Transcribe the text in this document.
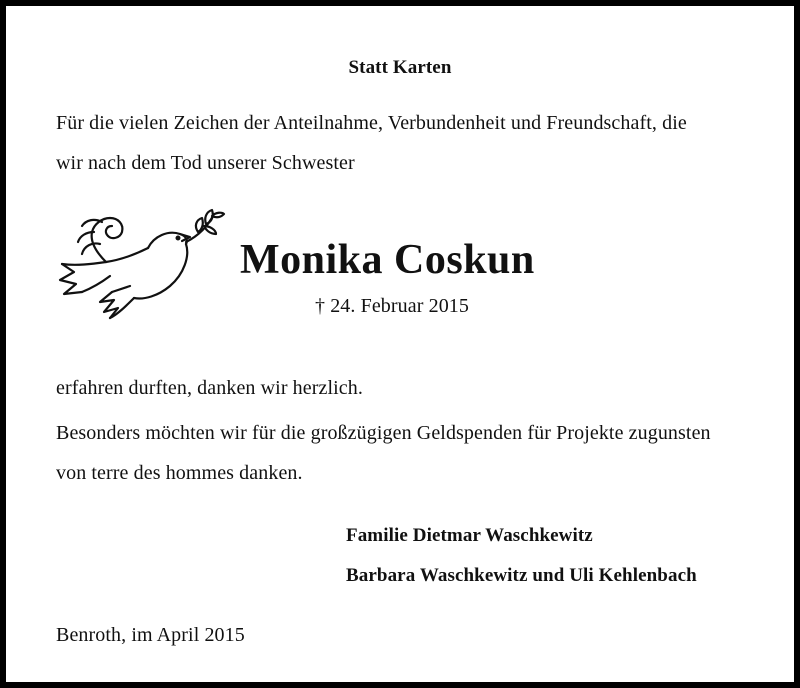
Statt Karten
Für die vielen Zeichen der Anteilnahme, Verbundenheit und Freundschaft, die
wir nach dem Tod unserer Schwester
Monika Coskun
† 24. Februar 2015
erfahren durften, danken wir herzlich.
Besonders möchten wir für die großzügigen Geldspenden für Projekte zugunsten
von terre des hommes danken.
Familie Dietmar Waschkewitz
Barbara Waschkewitz und Uli Kehlenbach
Benroth, im April 2015
